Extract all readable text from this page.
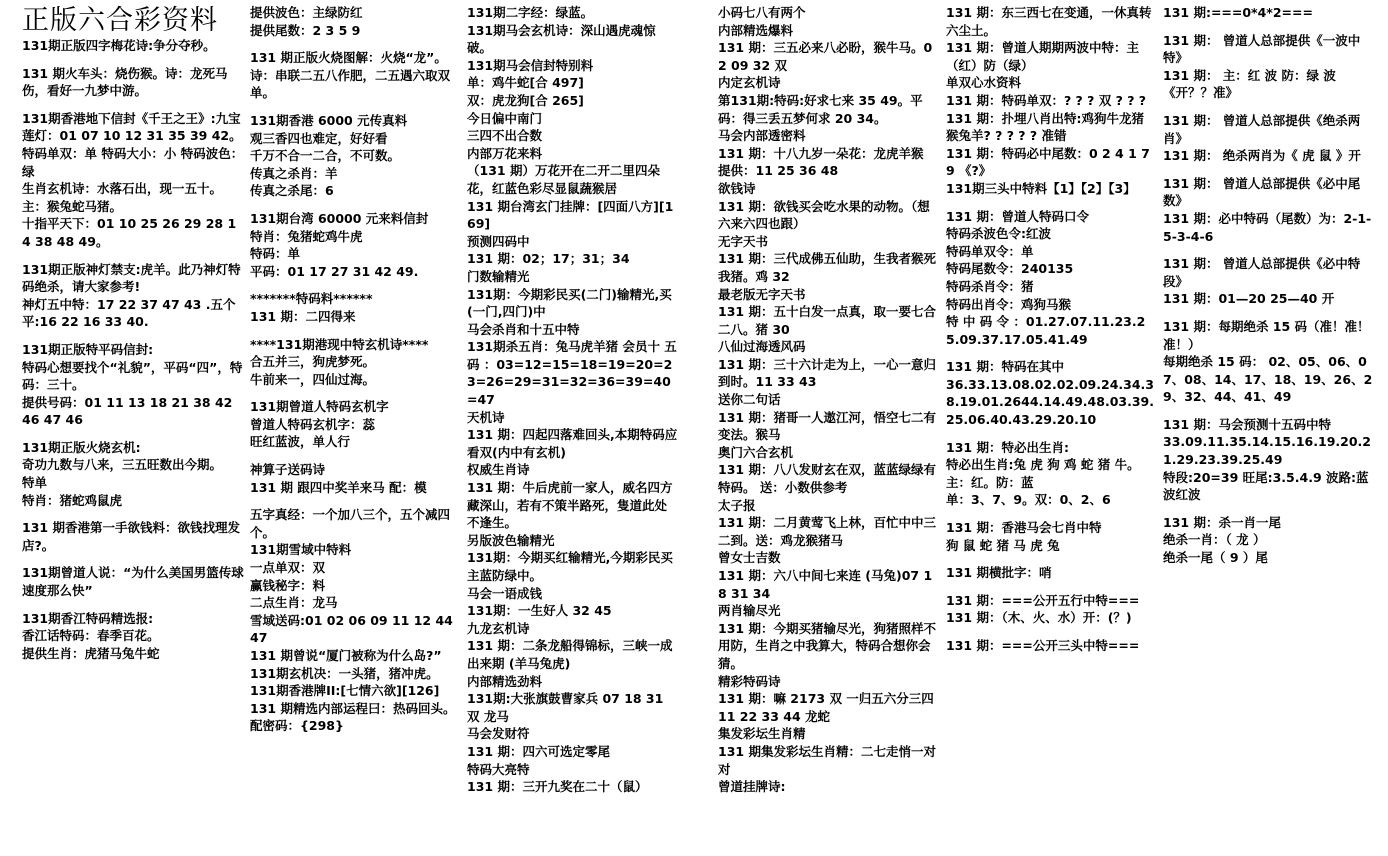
正版六合彩资料
131期正版四字梅花诗:争分夺秒。
131 期火车头：烧伤猴。诗：龙死马伤，看好一九梦中游。
131期香港地下信封《千王之王》:九宝莲灯：01 07 10 12 31 35 39 42。
特码单双：单 特码大小：小 特码波色：绿
生肖玄机诗：水落石出，现一五十。主：猴兔蛇马猪。
十指平天下：01 10 25 26 29 28 14 38 48 49。
131期正版神灯禁支:虎羊。此乃神灯特码绝杀，请大家参考!
神灯五中特：17 22 37 47 43 .五个平:16 22 16 33 40.
131期正版特平码信封:
特码心想要找个“礼貌”，平码“四”，特码：三十。
提供号码：01 11 13 18 21 38 42 46 47 46
131期正版火烧玄机:
奇功九数与八来，三五旺数出今期。
特单
特肖：猪蛇鸡鼠虎
131 期香港第一手欲钱料：欲钱找理发店?。
131期曾道人说：“为什么美国男篮传球速度那么快”
131期香江特码精选报:
香江话特码：春季百花。
提供生肖：虎猪马兔牛蛇
提供波色：主绿防红
提供尾数：2 3 5 9
131 期正版火烧图解：火烧“龙”。诗：串联二五八作肥，二五遇六取双单。
131期香港 6000 元传真料
观三香四也难定，好好看
千万不合一二合，不可数。
传真之杀肖：羊
传真之杀尾：6
131期台湾 60000 元来料信封
特肖：兔猪蛇鸡牛虎
特码：单
平码：01 17 27 31 42 49.
*******特码料******
131 期：二四得来
****131期港现中特玄机诗****
合五并三，狗虎梦死。
牛前来一，四仙过海。
131期曾道人特码玄机字
曾道人特码玄机字：蕊
旺红蓝波，单人行
神算子送码诗
131 期 跟四中奖羊来马 配：模
五字真经：一个加八三个，五个减四个。
131期雪域中特料
一点单双：双
赢钱秘字：料
二点生肖：龙马
雪域送码:01 02 06 09 11 12 44 47
131 期曾说“厦门被称为什么岛?”
131期玄机决：一头猪，猪冲虎。
131期香港牌II:[七情六欲][126]
131 期精选内部运程曰：热码回头。配密码：{298}
131期二字经：绿蓝。
131期马会玄机诗：深山遇虎魂惊破。
131期马会信封特别料
单：鸡牛蛇[合 497]
双：虎龙狗[合 265]
今日偏中南门
三四不出合数
内部万花来料
（131 期）万花开在二开二里四朵花，红蓝色彩尽显鼠蔬猴居
131 期台湾玄门挂牌：[四面八方][169]
预测四码中
131 期：02；17；31；34
门数输精光
131期：今期彩民买(二门)输精光,买(一门,四门)中
马会杀肖和十五中特
131期杀五肖：兔马虎羊猪 会员十 五 码 ：03=12=15=18=19=20=23=26=29=31=32=36=39=40=47
天机诗
131 期：四起四落难回头,本期特码应看双(内中有玄机)
权威生肖诗
131 期：牛后虎前一家人，威名四方藏深山，若有不策半路死，隻道此处不逢生。
另版波色输精光
131期：今期买红输精光,今期彩民买主蓝防绿中。
马会一语成钱
131期：一生好人 32 45
九龙玄机诗
131 期：二条龙船得锦标，三峡一成出来期 (羊马兔虎)
内部精选劲料
131期:大张旗鼓曹家兵 07 18 31 双 龙马
马会发财符
131 期：四六可选定零尾
特码大亮特
131 期：三开九奖在二十（鼠）
小码七八有两个
内部精选爆料
131 期：三五必来八必盼，猴牛马。02 09 32 双
内定玄机诗
第131期:特码:好求七来 35 49。平码：得三丢五梦何求 20 34。
马会内部透密料
131 期：十八九岁一朵花：龙虎羊猴 提供：11 25 36 48
欲钱诗
131 期：欲钱买会吃水果的动物。（想六来六四也跟）
无字天书
131 期：三代成佛五仙助，生我者猴死我猪。鸡 32
最老版无字天书
131 期：五十白发一点真，取一要七合二八。猪 30
八仙过海透风码
131 期：三十六计走为上，一心一意归到时。11 33 43
送你二句话
131 期：猪哥一人遨江河，悟空七二有变法。猴马
奥门六合玄机
131 期：八八发财玄在双，蓝蓝绿绿有特码。 送：小数供参考
太子报
131 期：二月黄莺飞上林，百忙中中三二到。送：鸡龙猴猪马
曾女士吉数
131 期：六八中间七来连 (马兔)07 18 31 34
两肖输尽光
131 期：今期买猪输尽光，狗猪照样不用防，生肖之中我算大，特码合想你会猜。
精彩特码诗
131 期：嘛 2173 双 一归五六分三四 11 22 33 44 龙蛇
集发彩坛生肖精
131 期集发彩坛生肖精：二七走悄一对对
曾道挂牌诗:
131 期：东三西七在变通，一休真转六尘土。
131 期：曾道人期期两波中特：主（红）防（绿）
单双心水资料
131 期：特码单双：? ? ? 双 ? ? ?
131 期：扑埋八肖出特:鸡狗牛龙猪猴兔羊? ? ? ? ? 准错
131 期：特码必中尾数：0 2 4 1 7 9 《?》
131期三头中特料【1】【2】【3】
131 期：曾道人特码口令
特码杀波色令:红波
特码单双令：单
特码尾数令：240135
特码杀肖令：猪
特码出肖令：鸡狗马猴
特 中 码 令 ：01.27.07.11.23.25.09.37.17.05.41.49
131 期：特码在其中
36.33.13.08.02.02.09.24.34.38.19.01.2644.14.49.48.03.39.25.06.40.43.29.20.10
131 期：特必出生肖:
特必出生肖:兔 虎 狗 鸡 蛇 猪 牛。
主：红。防：蓝
单：3、7、9。双：0、2、6
131 期：香港马会七肖中特
狗 鼠 蛇 猪 马 虎 兔
131 期横批字：哨
131 期：===公开五行中特===
131 期：（木、火、水）开：(？)
131 期：===公开三头中特===
131 期:===0*4*2===
131 期： 曾道人总部提供《一波中特》
131 期： 主：红 波 防：绿 波《开？？准》
131 期： 曾道人总部提供《绝杀两肖》
131 期： 绝杀两肖为《 虎 鼠 》开
131 期： 曾道人总部提供《必中尾数》
131 期：必中特码（尾数）为：2-1-5-3-4-6
131 期： 曾道人总部提供《必中特段》
131 期：01—20 25—40 开
131 期：每期绝杀 15 码（准！准！准！）
每期绝杀 15 码： 02、05、06、07、08、14、17、18、19、26、29、32、44、41、49
131 期：马会预测十五码中特
33.09.11.35.14.15.16.19.20.21.29.23.39.25.49
特段:20=39 旺尾:3.5.4.9 波路:蓝波红波
131 期：杀一肖一尾
绝杀一肖：（ 龙 ）
绝杀一尾（ 9 ）尾
